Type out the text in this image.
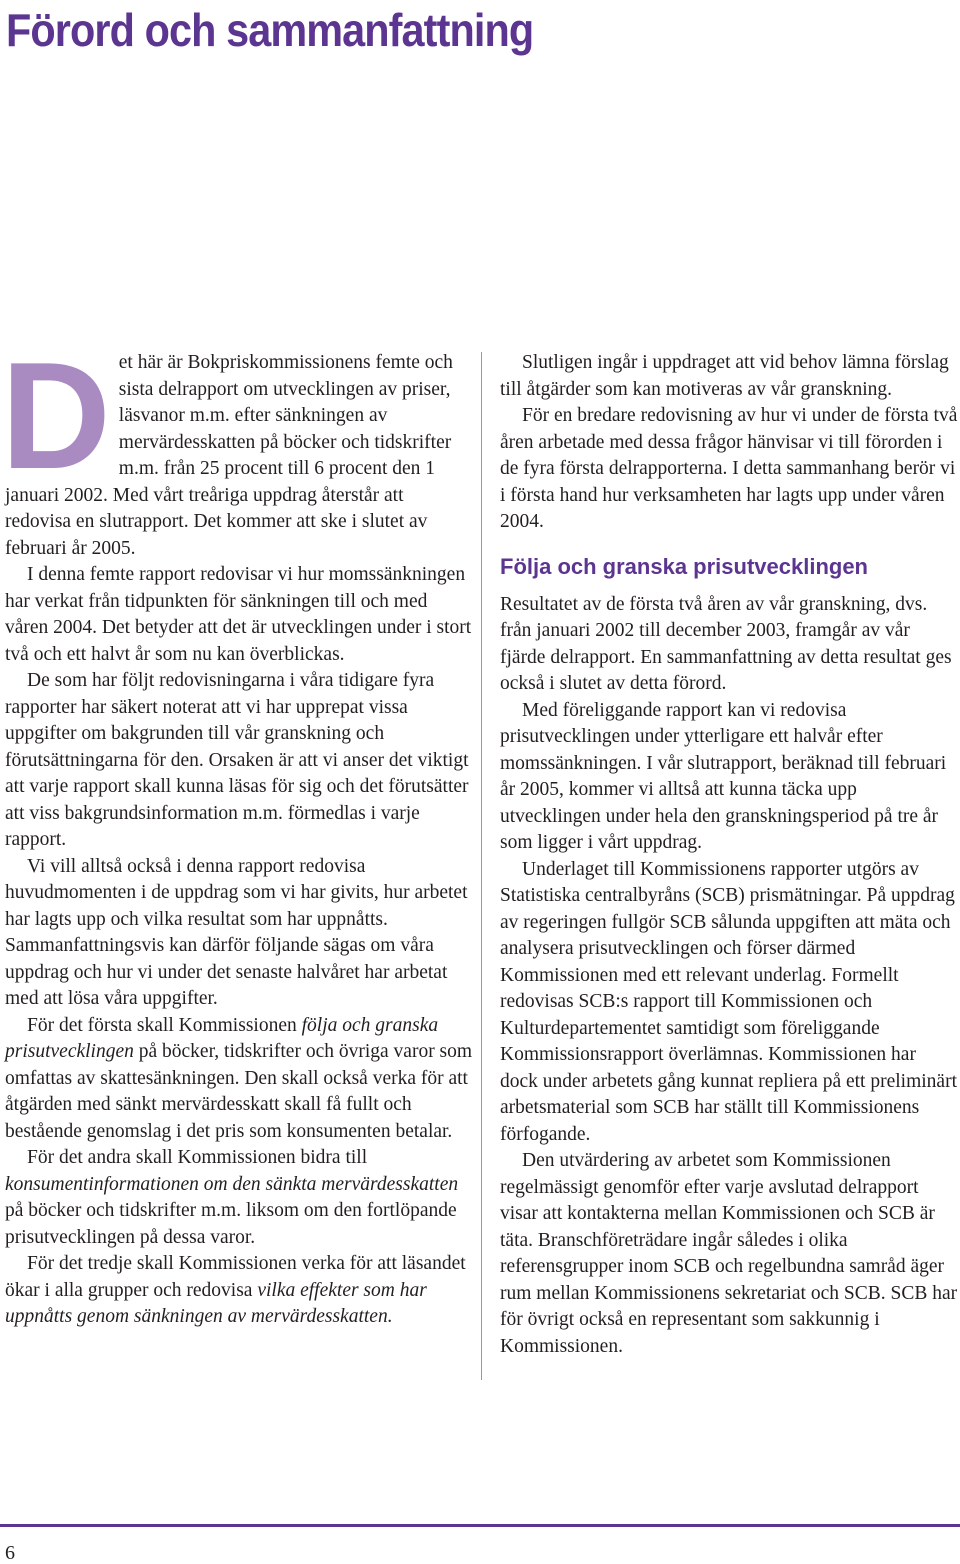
Förord och sammanfattning

Det här är Bokpriskommissionens femte och sista delrapport om utvecklingen av priser, läsvanor m.m. efter sänkningen av mervärdesskatten på böcker och tidskrifter m.m. från 25 procent till 6 procent den 1 januari 2002. Med vårt treåriga uppdrag återstår att redovisa en slutrapport. Det kommer att ske i slutet av februari år 2005.

I denna femte rapport redovisar vi hur momssänkningen har verkat från tidpunkten för sänkningen till och med våren 2004. Det betyder att det är utvecklingen under i stort två och ett halvt år som nu kan överblickas.

De som har följt redovisningarna i våra tidigare fyra rapporter har säkert noterat att vi har upprepat vissa uppgifter om bakgrunden till vår granskning och förutsättningarna för den. Orsaken är att vi anser det viktigt att varje rapport skall kunna läsas för sig och det förutsätter att viss bakgrundsinformation m.m. förmedlas i varje rapport.

Vi vill alltså också i denna rapport redovisa huvudmomenten i de uppdrag som vi har givits, hur arbetet har lagts upp och vilka resultat som har uppnåtts. Sammanfattningsvis kan därför följande sägas om våra uppdrag och hur vi under det senaste halvåret har arbetat med att lösa våra uppgifter.

För det första skall Kommissionen följa och granska prisutvecklingen på böcker, tidskrifter och övriga varor som omfattas av skattesänkningen. Den skall också verka för att åtgärden med sänkt mervärdesskatt skall få fullt och bestående genomslag i det pris som konsumenten betalar.

För det andra skall Kommissionen bidra till konsumentinformationen om den sänkta mervärdesskatten på böcker och tidskrifter m.m. liksom om den fortlöpande prisutvecklingen på dessa varor.

För det tredje skall Kommissionen verka för att läsandet ökar i alla grupper och redovisa vilka effekter som har uppnåtts genom sänkningen av mervärdesskatten.

Slutligen ingår i uppdraget att vid behov lämna förslag till åtgärder som kan motiveras av vår granskning.

För en bredare redovisning av hur vi under de första två åren arbetade med dessa frågor hänvisar vi till förorden i de fyra första delrapporterna. I detta sammanhang berör vi i första hand hur verksamheten har lagts upp under våren 2004.

Följa och granska prisutvecklingen

Resultatet av de första två åren av vår granskning, dvs. från januari 2002 till december 2003, framgår av vår fjärde delrapport. En sammanfattning av detta resultat ges också i slutet av detta förord.

Med föreliggande rapport kan vi redovisa prisutvecklingen under ytterligare ett halvår efter momssänkningen. I vår slutrapport, beräknad till februari år 2005, kommer vi alltså att kunna täcka upp utvecklingen under hela den granskningsperiod på tre år som ligger i vårt uppdrag.

Underlaget till Kommissionens rapporter utgörs av Statistiska centralbyråns (SCB) prismätningar. På uppdrag av regeringen fullgör SCB sålunda uppgiften att mäta och analysera prisutvecklingen och förser därmed Kommissionen med ett relevant underlag. Formellt redovisas SCB:s rapport till Kommissionen och Kulturdepartementet samtidigt som föreliggande Kommissionsrapport överlämnas. Kommissionen har dock under arbetets gång kunnat repliera på ett preliminärt arbetsmaterial som SCB har ställt till Kommissionens förfogande.

Den utvärdering av arbetet som Kommissionen regelmässigt genomför efter varje avslutad delrapport visar att kontakterna mellan Kommissionen och SCB är täta. Branschföreträdare ingår således i olika referensgrupper inom SCB och regelbundna samråd äger rum mellan Kommissionens sekretariat och SCB. SCB har för övrigt också en representant som sakkunnig i Kommissionen.

6
